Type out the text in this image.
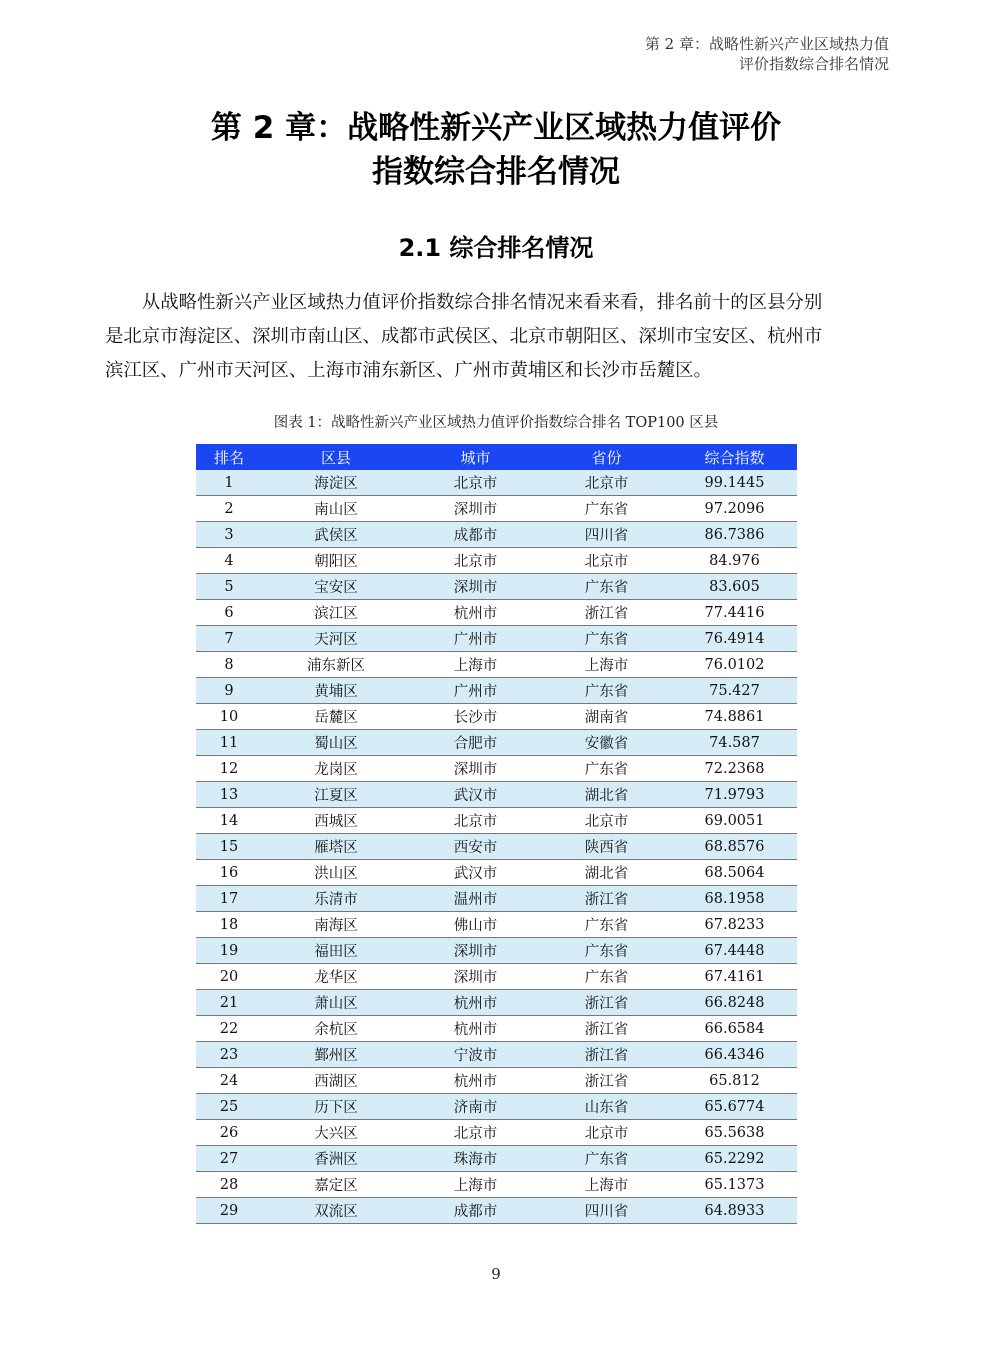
第 2 章：战略性新兴产业区域热力值
评价指数综合排名情况
第 2 章：战略性新兴产业区域热力值评价
指数综合排名情况
2.1 综合排名情况
从战略性新兴产业区域热力值评价指数综合排名情况来看来看，排名前十的区县分别
是北京市海淀区、深圳市南山区、成都市武侯区、北京市朝阳区、深圳市宝安区、杭州市
滨江区、广州市天河区、上海市浦东新区、广州市黄埔区和长沙市岳麓区。
图表 1：战略性新兴产业区域热力值评价指数综合排名 TOP100 区县
排名	区县	城市	省份	综合指数
1	海淀区	北京市	北京市	99.1445
2	南山区	深圳市	广东省	97.2096
3	武侯区	成都市	四川省	86.7386
4	朝阳区	北京市	北京市	84.976
5	宝安区	深圳市	广东省	83.605
6	滨江区	杭州市	浙江省	77.4416
7	天河区	广州市	广东省	76.4914
8	浦东新区	上海市	上海市	76.0102
9	黄埔区	广州市	广东省	75.427
10	岳麓区	长沙市	湖南省	74.8861
11	蜀山区	合肥市	安徽省	74.587
12	龙岗区	深圳市	广东省	72.2368
13	江夏区	武汉市	湖北省	71.9793
14	西城区	北京市	北京市	69.0051
15	雁塔区	西安市	陕西省	68.8576
16	洪山区	武汉市	湖北省	68.5064
17	乐清市	温州市	浙江省	68.1958
18	南海区	佛山市	广东省	67.8233
19	福田区	深圳市	广东省	67.4448
20	龙华区	深圳市	广东省	67.4161
21	萧山区	杭州市	浙江省	66.8248
22	余杭区	杭州市	浙江省	66.6584
23	鄞州区	宁波市	浙江省	66.4346
24	西湖区	杭州市	浙江省	65.812
25	历下区	济南市	山东省	65.6774
26	大兴区	北京市	北京市	65.5638
27	香洲区	珠海市	广东省	65.2292
28	嘉定区	上海市	上海市	65.1373
29	双流区	成都市	四川省	64.8933
9
